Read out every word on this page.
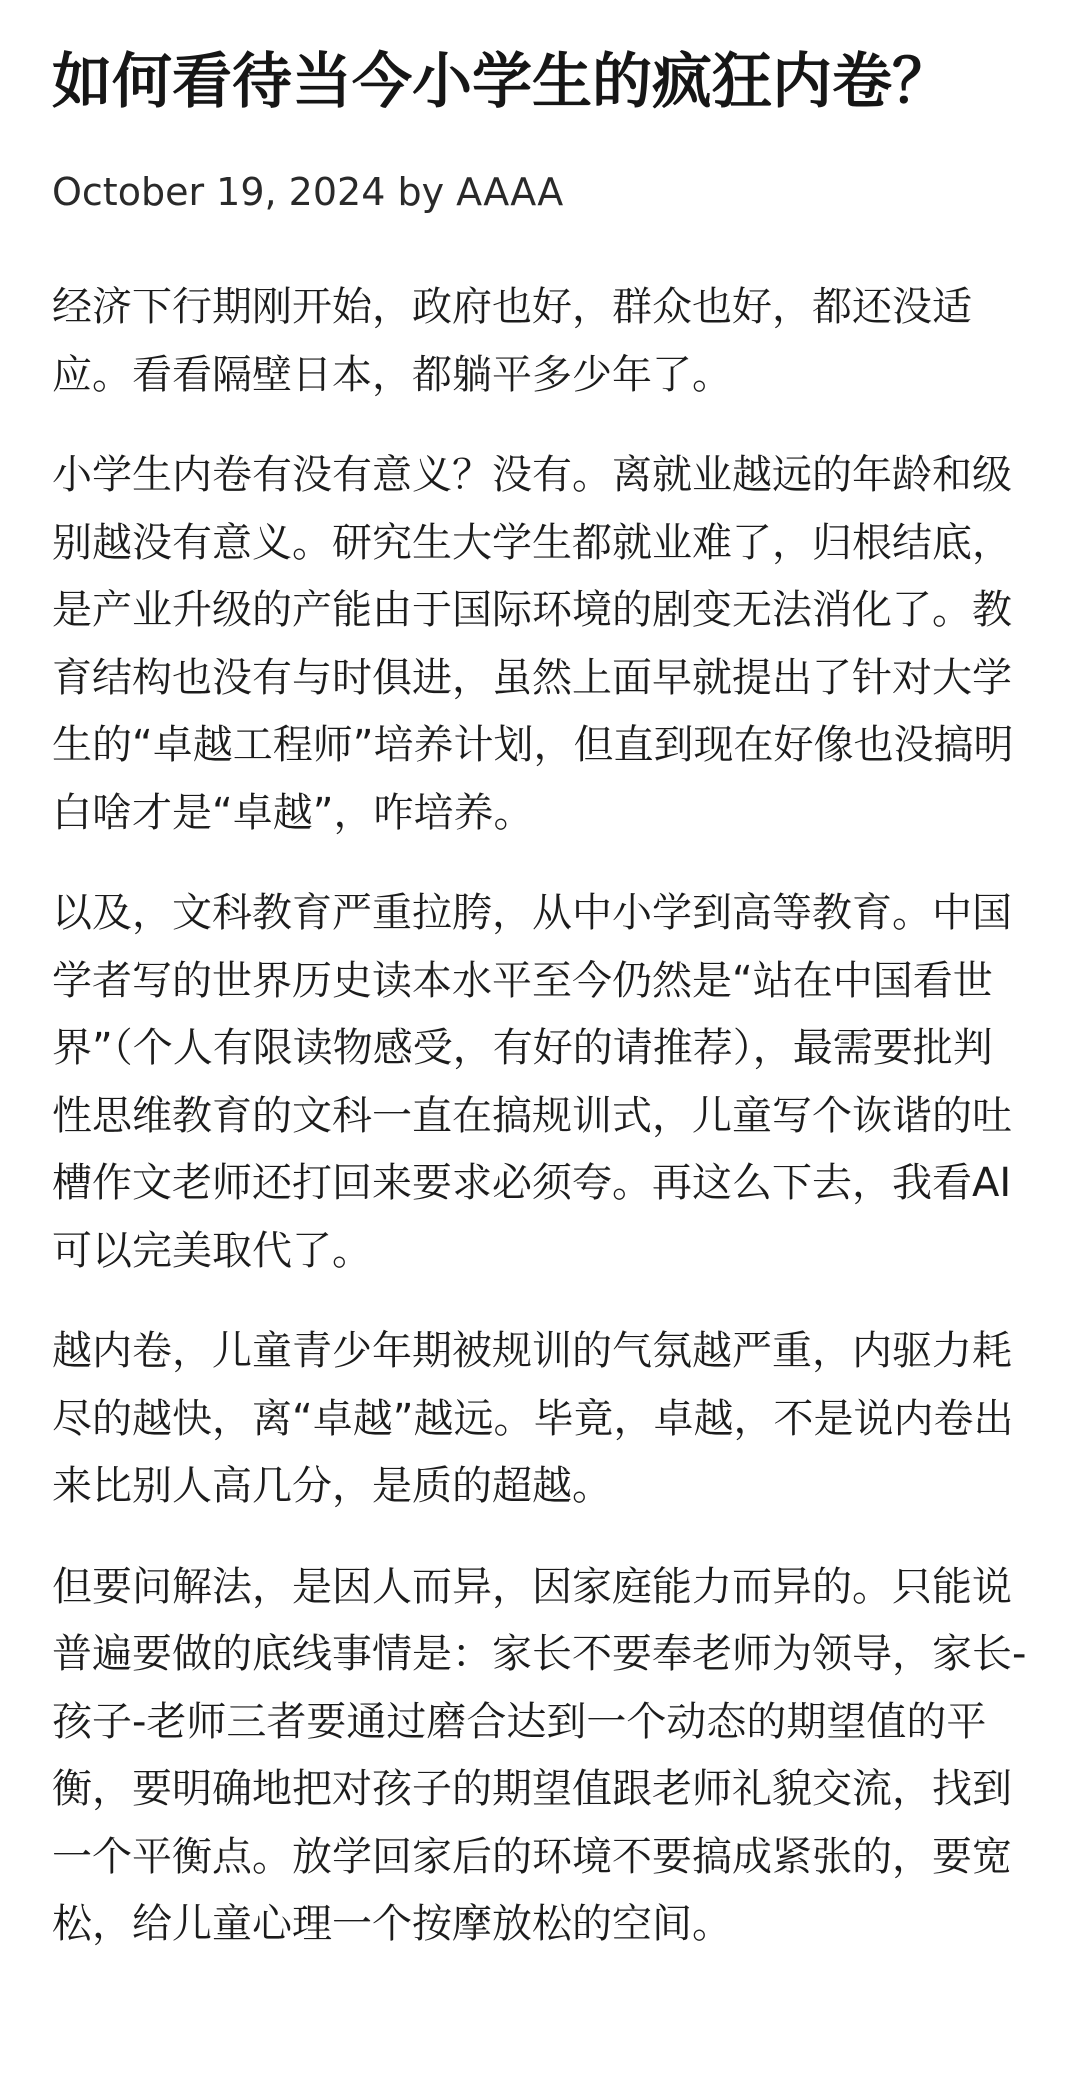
如何看待当今小学生的疯狂内卷？
October 19, 2024 by AAAA

经济下行期刚开始，政府也好，群众也好，都还没适应。看看隔壁日本，都躺平多少年了。

小学生内卷有没有意义？没有。离就业越远的年龄和级别越没有意义。研究生大学生都就业难了，归根结底，是产业升级的产能由于国际环境的剧变无法消化了。教育结构也没有与时俱进，虽然上面早就提出了针对大学生的“卓越工程师”培养计划，但直到现在好像也没搞明白啥才是“卓越”，咋培养。

以及，文科教育严重拉胯，从中小学到高等教育。中国学者写的世界历史读本水平至今仍然是“站在中国看世界”（个人有限读物感受，有好的请推荐），最需要批判性思维教育的文科一直在搞规训式，儿童写个诙谐的吐槽作文老师还打回来要求必须夸。再这么下去，我看AI可以完美取代了。

越内卷，儿童青少年期被规训的气氛越严重，内驱力耗尽的越快，离“卓越”越远。毕竟，卓越，不是说内卷出来比别人高几分，是质的超越。

但要问解法，是因人而异，因家庭能力而异的。只能说普遍要做的底线事情是：家长不要奉老师为领导，家长-孩子-老师三者要通过磨合达到一个动态的期望值的平衡，要明确地把对孩子的期望值跟老师礼貌交流，找到一个平衡点。放学回家后的环境不要搞成紧张的，要宽松，给儿童心理一个按摩放松的空间。
